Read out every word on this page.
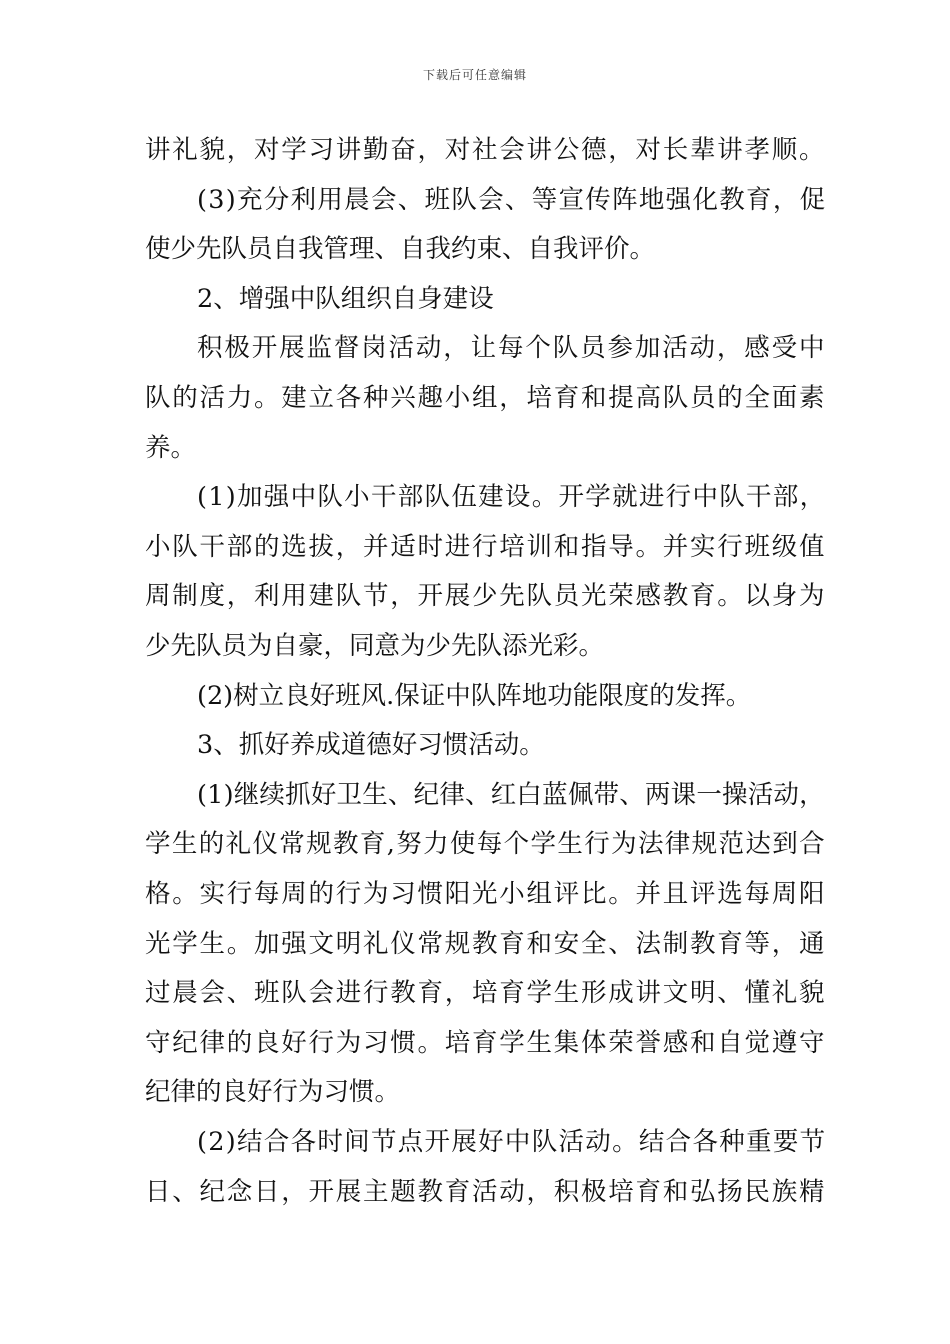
下载后可任意编辑
讲礼貌，对学习讲勤奋，对社会讲公德，对长辈讲孝顺。
(3)充分利用晨会、班队会、等宣传阵地强化教育，促
使少先队员自我管理、自我约束、自我评价。
2、增强中队组织自身建设
积极开展监督岗活动，让每个队员参加活动，感受中
队的活力。建立各种兴趣小组，培育和提高队员的全面素
养。
(1)加强中队小干部队伍建设。开学就进行中队干部，
小队干部的选拔，并适时进行培训和指导。并实行班级值
周制度，利用建队节，开展少先队员光荣感教育。以身为
少先队员为自豪，同意为少先队添光彩。
(2)树立良好班风.保证中队阵地功能限度的发挥。
3、抓好养成道德好习惯活动。
(1)继续抓好卫生、纪律、红白蓝佩带、两课一操活动，
学生的礼仪常规教育,努力使每个学生行为法律规范达到合
格。实行每周的行为习惯阳光小组评比。并且评选每周阳
光学生。加强文明礼仪常规教育和安全、法制教育等，通
过晨会、班队会进行教育，培育学生形成讲文明、懂礼貌
守纪律的良好行为习惯。培育学生集体荣誉感和自觉遵守
纪律的良好行为习惯。
(2)结合各时间节点开展好中队活动。结合各种重要节
日、纪念日，开展主题教育活动，积极培育和弘扬民族精
